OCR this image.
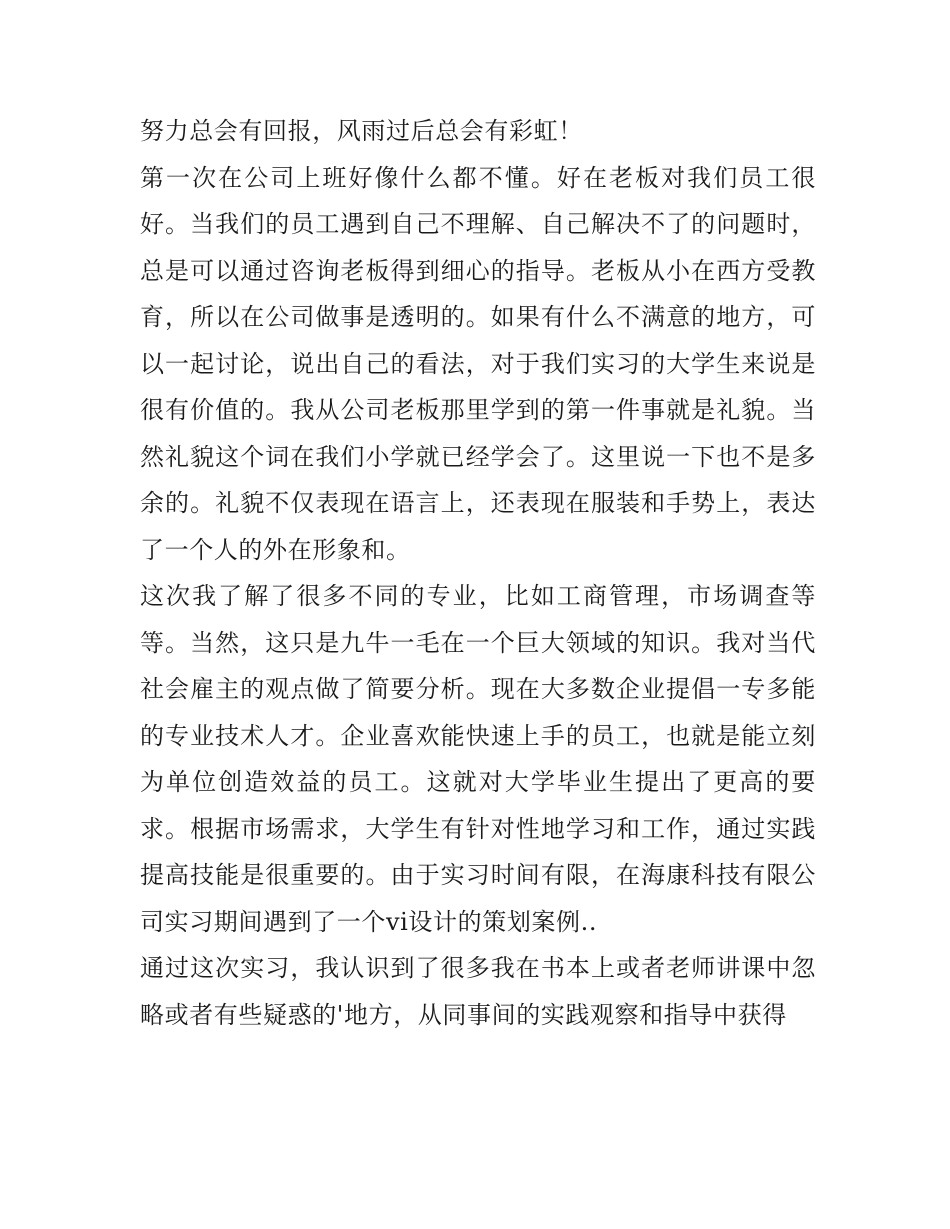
努力总会有回报，风雨过后总会有彩虹！

第一次在公司上班好像什么都不懂。好在老板对我们员工很好。当我们的员工遇到自己不理解、自己解决不了的问题时，总是可以通过咨询老板得到细心的指导。老板从小在西方受教育，所以在公司做事是透明的。如果有什么不满意的地方，可以一起讨论，说出自己的看法，对于我们实习的大学生来说是很有价值的。我从公司老板那里学到的第一件事就是礼貌。当然礼貌这个词在我们小学就已经学会了。这里说一下也不是多余的。礼貌不仅表现在语言上，还表现在服装和手势上，表达了一个人的外在形象和。

这次我了解了很多不同的专业，比如工商管理，市场调查等等。当然，这只是九牛一毛在一个巨大领域的知识。我对当代社会雇主的观点做了简要分析。现在大多数企业提倡一专多能的专业技术人才。企业喜欢能快速上手的员工，也就是能立刻为单位创造效益的员工。这就对大学毕业生提出了更高的要求。根据市场需求，大学生有针对性地学习和工作，通过实践提高技能是很重要的。由于实习时间有限，在海康科技有限公司实习期间遇到了一个vi设计的策划案例..

通过这次实习，我认识到了很多我在书本上或者老师讲课中忽略或者有些疑惑的'地方，从同事间的实践观察和指导中获得
